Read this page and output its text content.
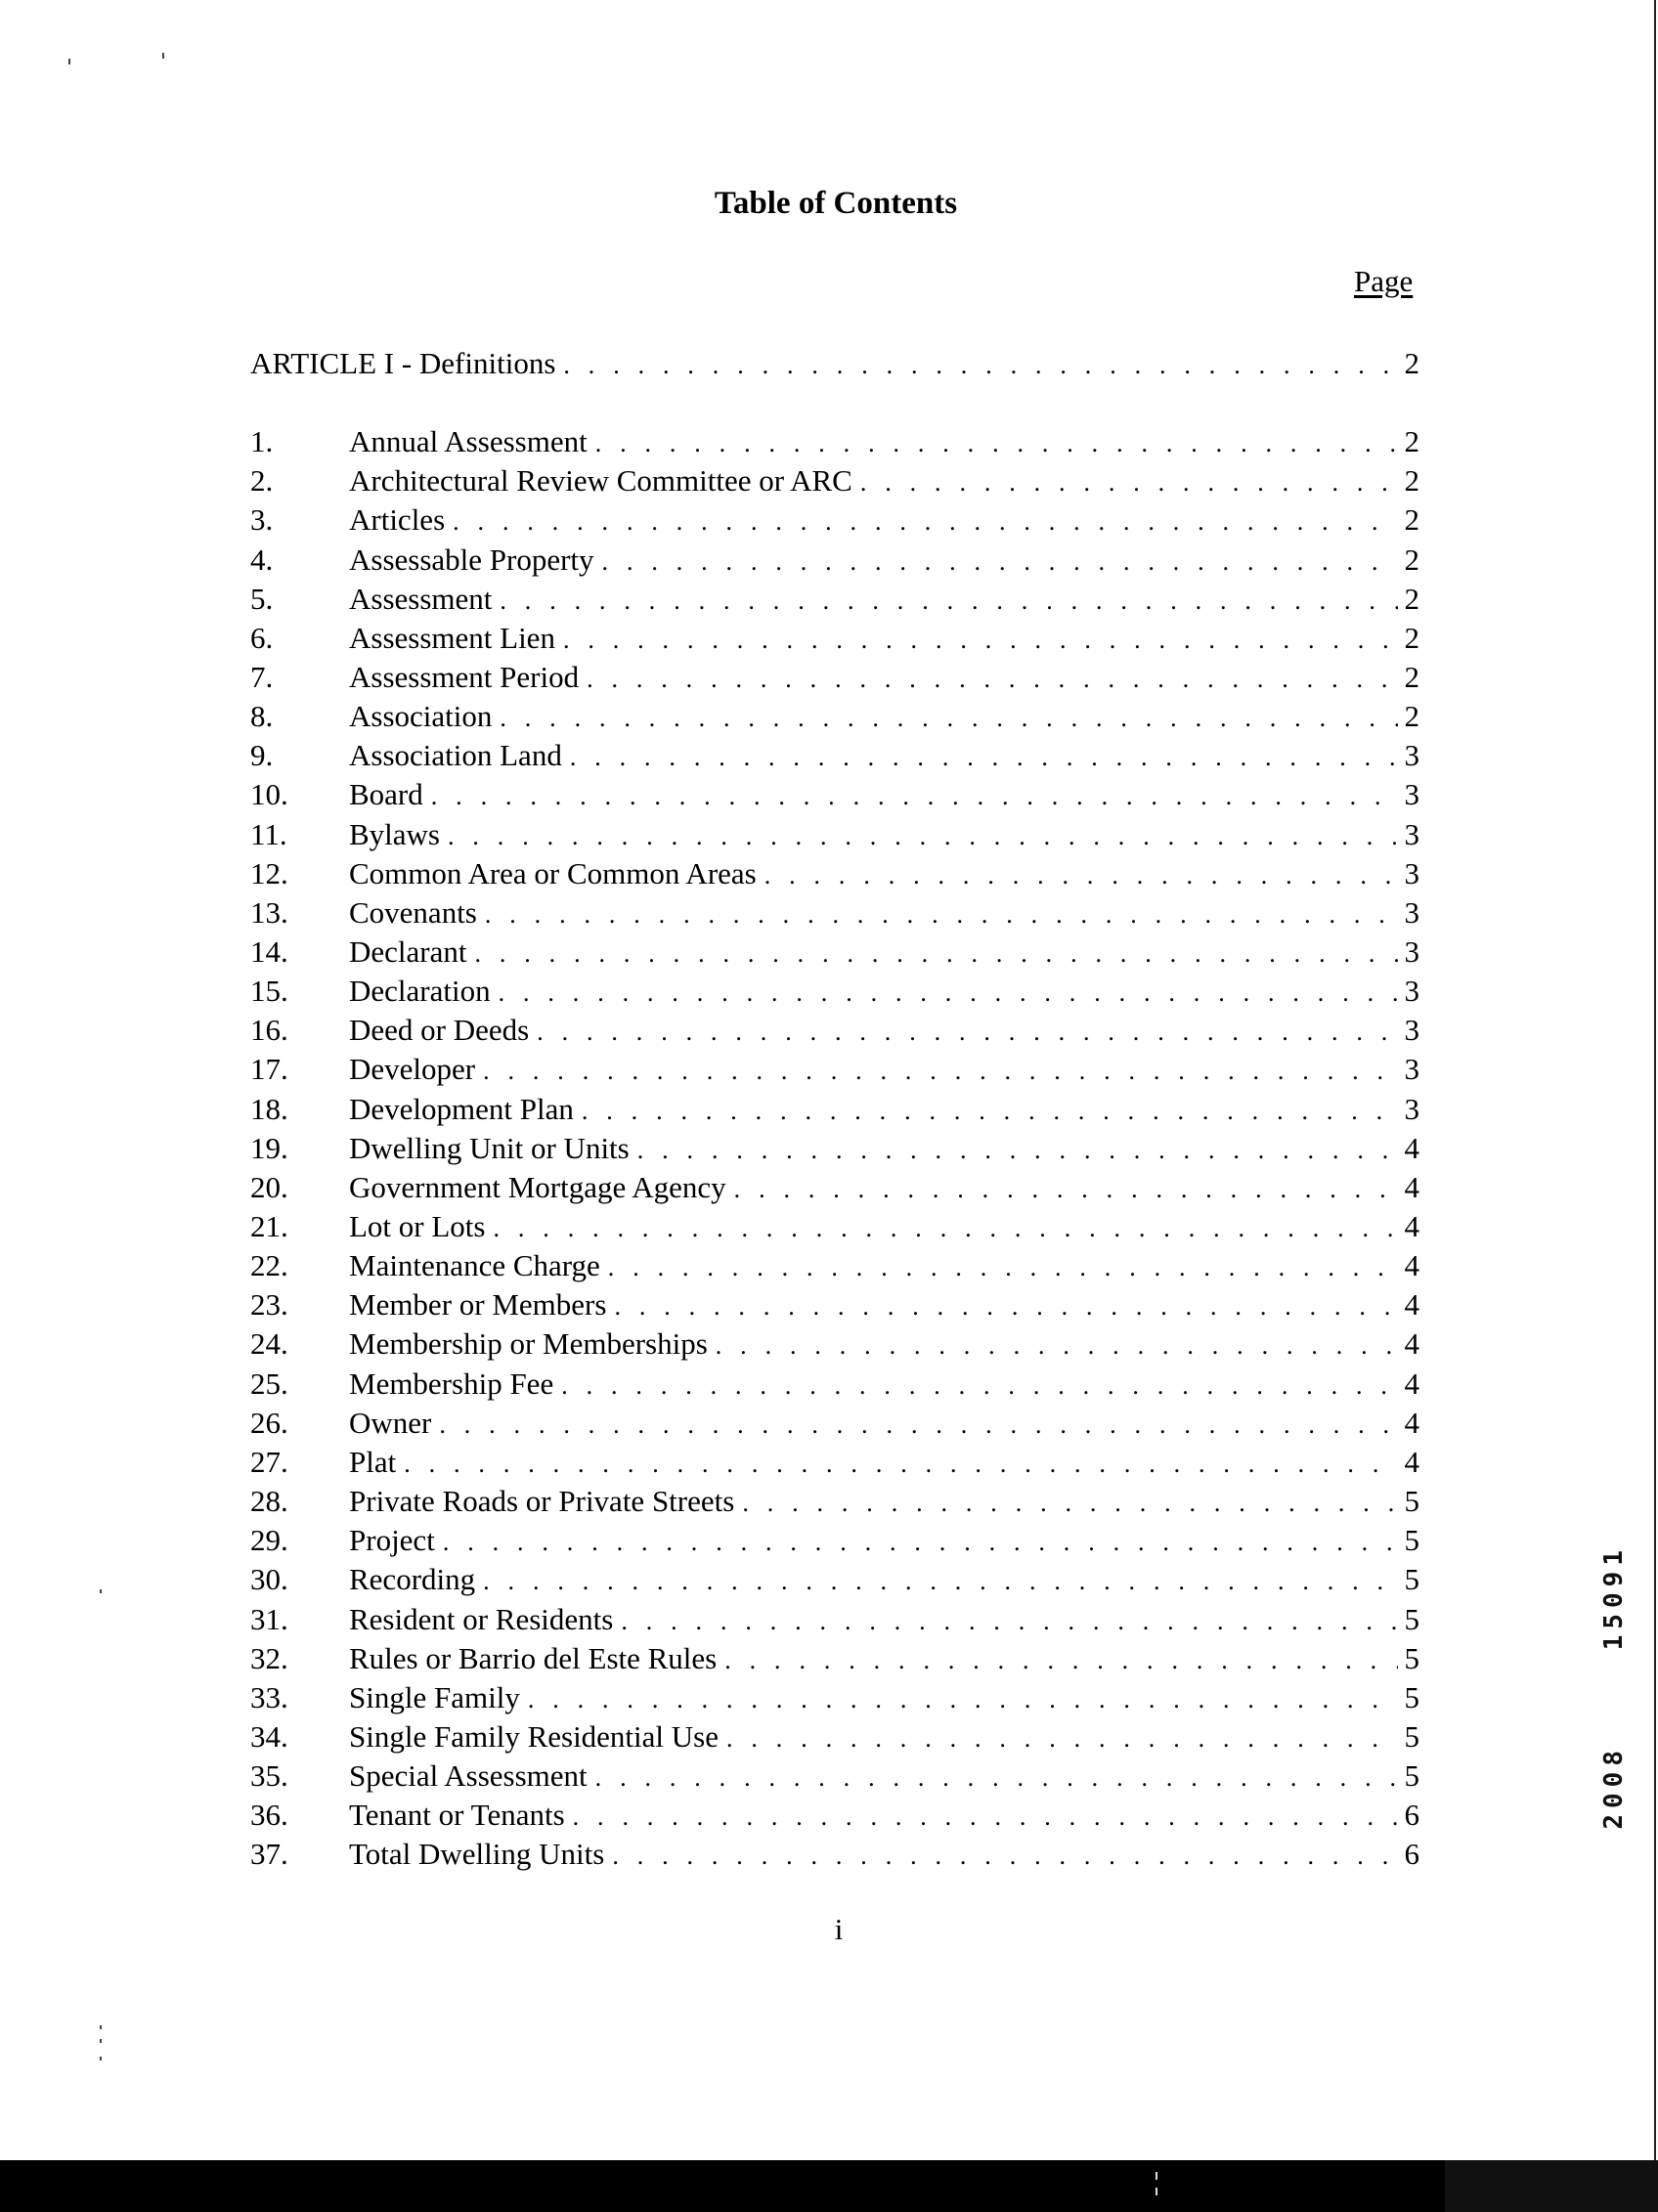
Table of Contents
Page
ARTICLE I - Definitions . . .	2
1.	Annual Assessment . . .	2
2.	Architectural Review Committee or ARC . . .	2
3.	Articles . . .	2
4.	Assessable Property . . .	2
5.	Assessment . . .	2
6.	Assessment Lien . . .	2
7.	Assessment Period . . .	2
8.	Association . . .	2
9.	Association Land . . .	3
10.	Board . . .	3
11.	Bylaws . . .	3
12.	Common Area or Common Areas . . .	3
13.	Covenants . . .	3
14.	Declarant . . .	3
15.	Declaration . . .	3
16.	Deed or Deeds . . .	3
17.	Developer . . .	3
18.	Development Plan . . .	3
19.	Dwelling Unit or Units . . .	4
20.	Government Mortgage Agency . . .	4
21.	Lot or Lots . . .	4
22.	Maintenance Charge . . .	4
23.	Member or Members . . .	4
24.	Membership or Memberships . . .	4
25.	Membership Fee . . .	4
26.	Owner . . .	4
27.	Plat . . .	4
28.	Private Roads or Private Streets . . .	5
29.	Project . . .	5
30.	Recording . . .	5
31.	Resident or Residents . . .	5
32.	Rules or Barrio del Este Rules . . .	5
33.	Single Family . . .	5
34.	Single Family Residential Use . . .	5
35.	Special Assessment . . .	5
36.	Tenant or Tenants . . .	6
37.	Total Dwelling Units . . .	6
i
15091
2008
